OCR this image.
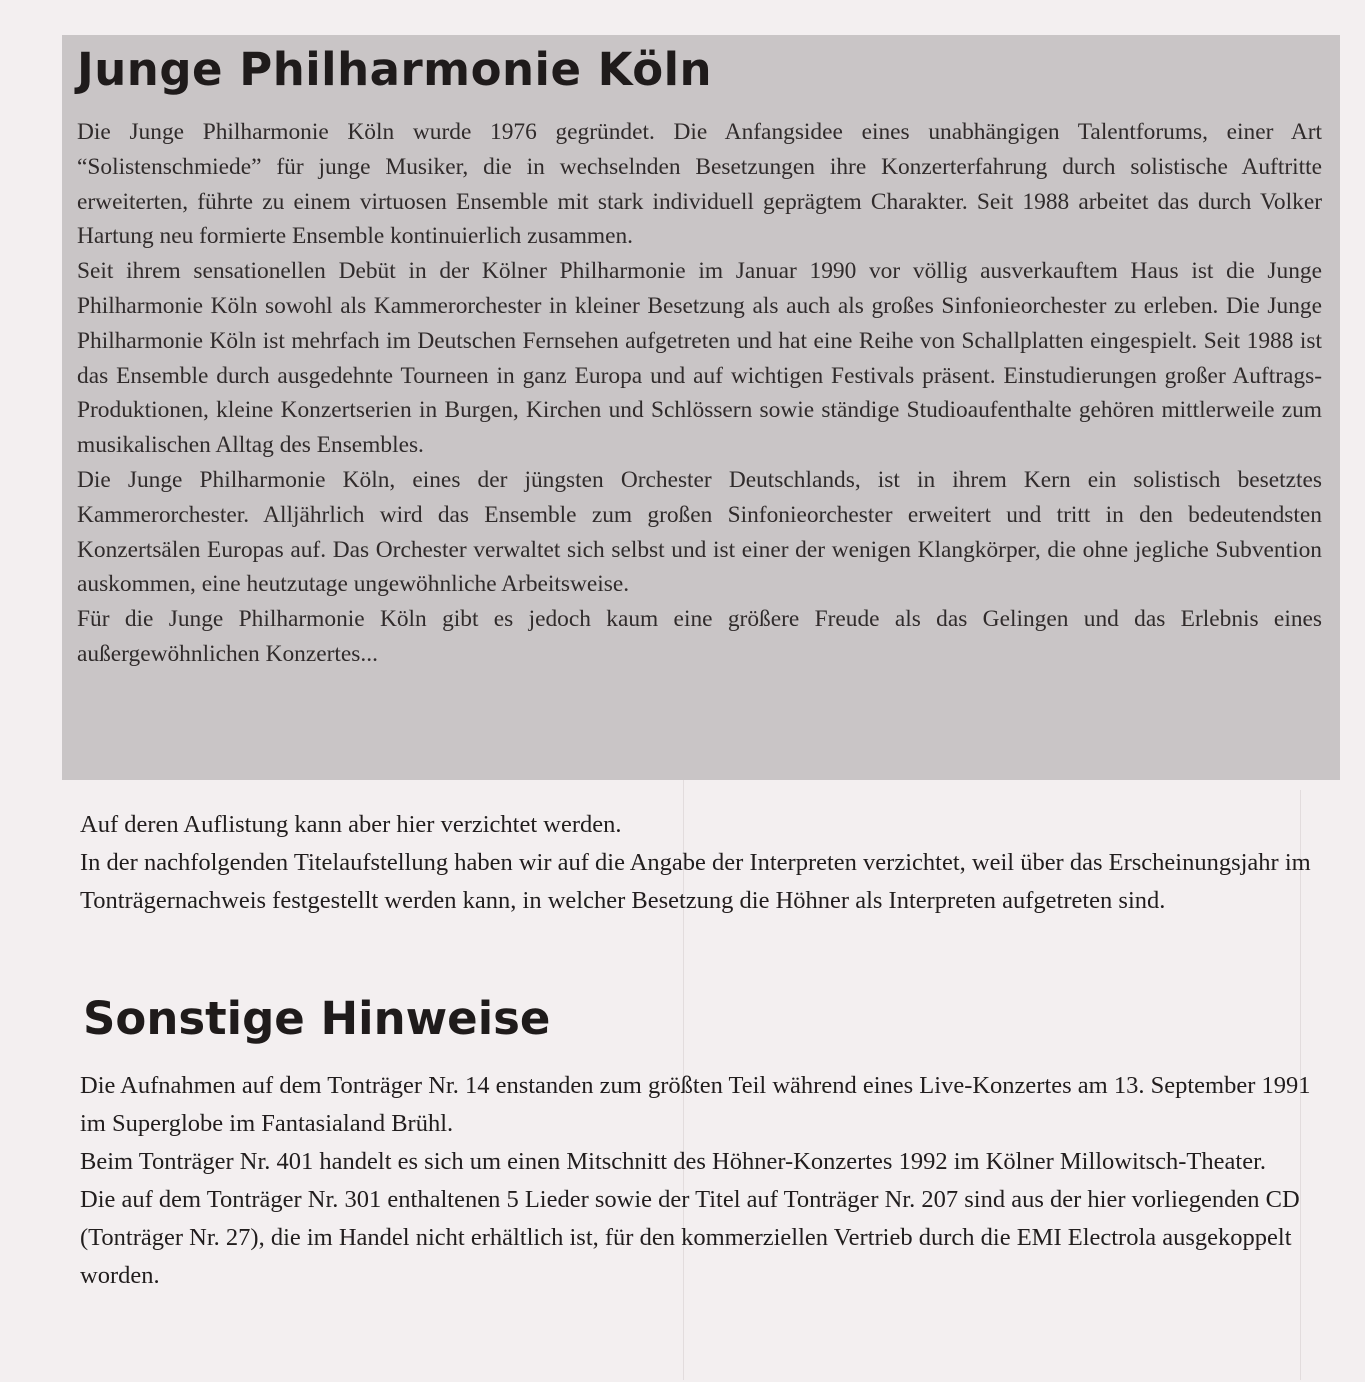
Junge Philharmonie Köln

Die Junge Philharmonie Köln wurde 1976 gegründet. Die Anfangsidee eines unabhängigen Talentforums, einer Art “Solistenschmiede” für junge Musiker, die in wechselnden Besetzungen ihre Konzerterfahrung durch solistische Auftritte erweiterten, führte zu einem virtuosen Ensemble mit stark individuell geprägtem Charakter. Seit 1988 arbeitet das durch Volker Hartung neu formierte Ensemble kontinuierlich zusammen.

Seit ihrem sensationellen Debüt in der Kölner Philharmonie im Januar 1990 vor völlig ausverkauftem Haus ist die Junge Philharmonie Köln sowohl als Kammerorchester in kleiner Besetzung als auch als großes Sinfonieorchester zu erleben. Die Junge Philharmonie Köln ist mehrfach im Deutschen Fernsehen aufgetreten und hat eine Reihe von Schallplatten eingespielt. Seit 1988 ist das Ensemble durch ausgedehnte Tourneen in ganz Europa und auf wichtigen Festivals präsent. Einstudierungen großer Auftrags-Produktionen, kleine Konzertserien in Burgen, Kirchen und Schlössern sowie ständige Studioaufenthalte gehören mittlerweile zum musikalischen Alltag des Ensembles.

Die Junge Philharmonie Köln, eines der jüngsten Orchester Deutschlands, ist in ihrem Kern ein solistisch besetztes Kammerorchester. Alljährlich wird das Ensemble zum großen Sinfonieorchester erweitert und tritt in den bedeutendsten Konzertsälen Europas auf. Das Orchester verwaltet sich selbst und ist einer der wenigen Klangkörper, die ohne jegliche Subvention auskommen, eine heutzutage ungewöhnliche Arbeitsweise.

Für die Junge Philharmonie Köln gibt es jedoch kaum eine größere Freude als das Gelingen und das Erlebnis eines außergewöhnlichen Konzertes...

Auf deren Auflistung kann aber hier verzichtet werden.

In der nachfolgenden Titelaufstellung haben wir auf die Angabe der Interpreten verzichtet, weil über das Erscheinungsjahr im Tonträgernachweis festgestellt werden kann, in welcher Besetzung die Höhner als Interpreten aufgetreten sind.

Sonstige Hinweise

Die Aufnahmen auf dem Tonträger Nr. 14 enstanden zum größten Teil während eines Live-Konzertes am 13. September 1991 im Superglobe im Fantasialand Brühl.

Beim Tonträger Nr. 401 handelt es sich um einen Mitschnitt des Höhner-Konzertes 1992 im Kölner Millowitsch-Theater.

Die auf dem Tonträger Nr. 301 enthaltenen 5 Lieder sowie der Titel auf Tonträger Nr. 207 sind aus der hier vorliegenden CD (Tonträger Nr. 27), die im Handel nicht erhältlich ist, für den kommerziellen Vertrieb durch die EMI Electrola ausgekoppelt worden.
